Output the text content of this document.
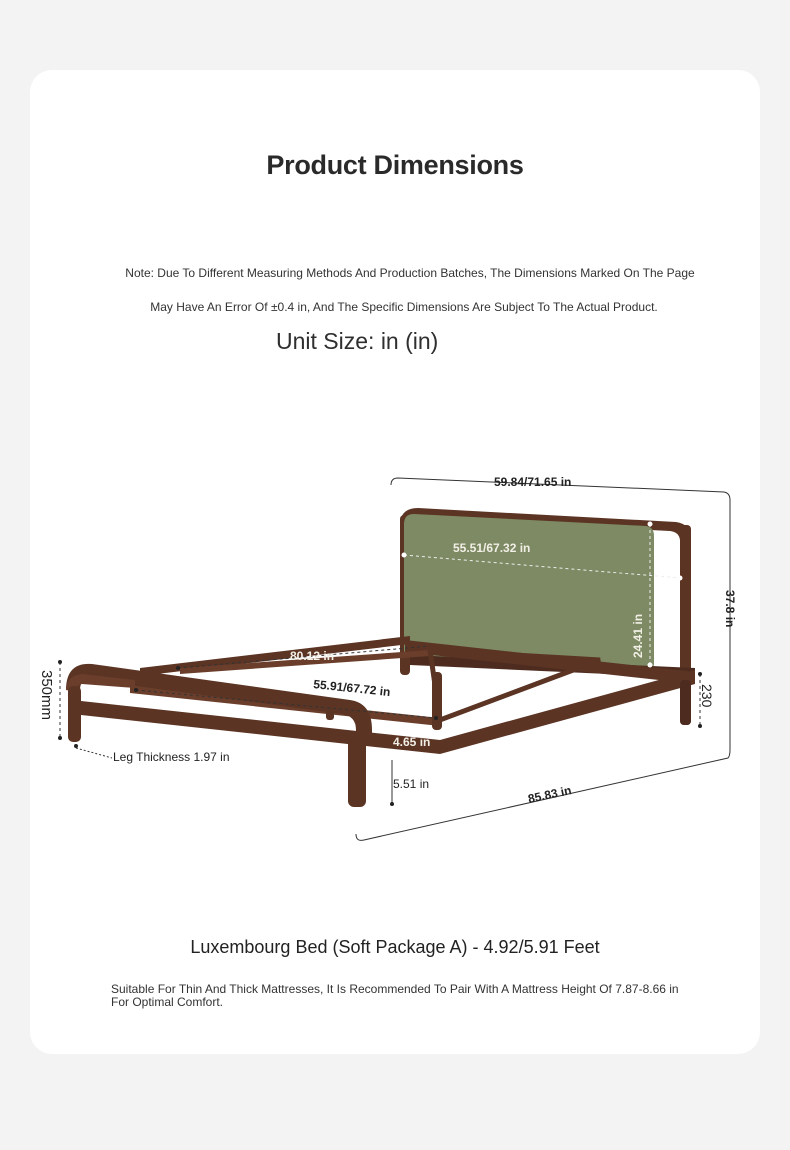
Product Dimensions
Note: Due To Different Measuring Methods And Production Batches, The Dimensions Marked On The Page
May Have An Error Of ±0.4 in, And The Specific Dimensions Are Subject To The Actual Product.
Unit Size: in (in)
59.84/71.65 in
55.51/67.32 in
37.8 in
24.41 in
80.12 in
55.91/67.72 in
350mm	230
Leg Thickness 1.97 in
4.65 in
5.51 in	85.83 in
Luxembourg Bed (Soft Package A) - 4.92/5.91 Feet
Suitable For Thin And Thick Mattresses, It Is Recommended To Pair With A Mattress Height Of 7.87-8.66 in For Optimal Comfort.
